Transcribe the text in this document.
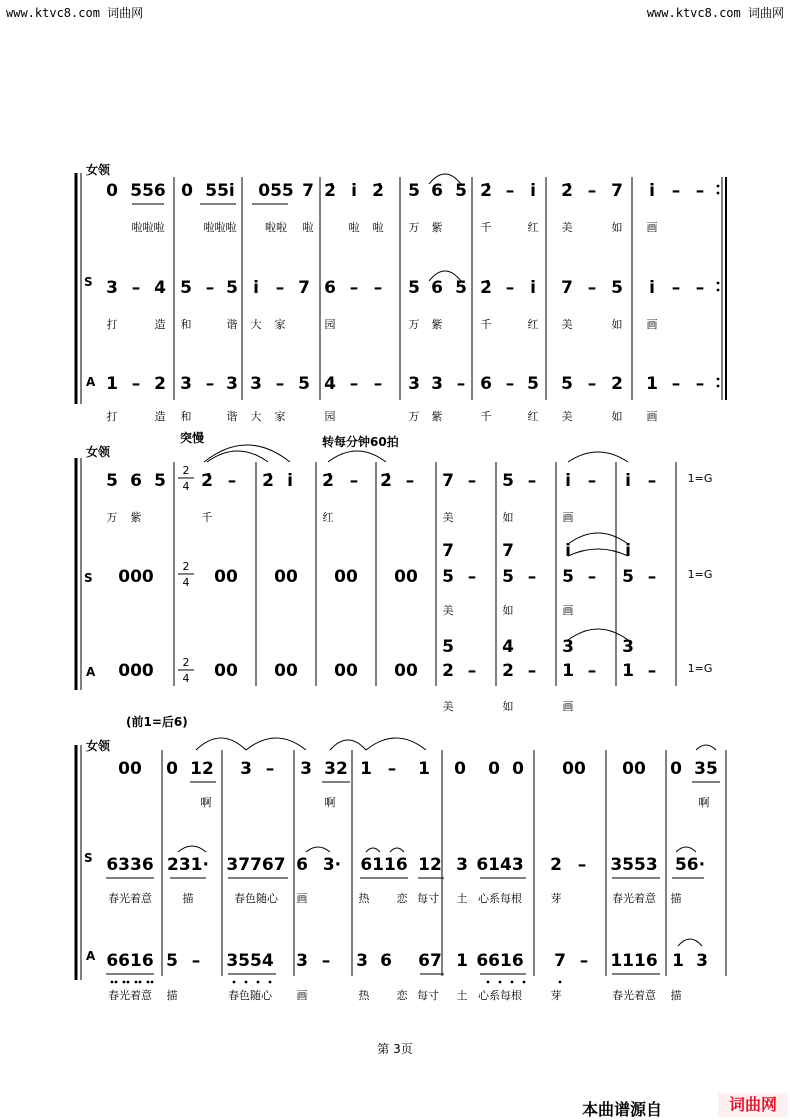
www.ktvc8.com 词曲网	www.ktvc8.com 词曲网
女领
S
A
0 556 0 55i 055 7 2̇ i 2̇ 5 6 5 2̇ – i 2̇ – 7 i – –
啦啦啦	啦啦啦	啦啦 啦	啦 啦 万 紫	千	红 美	如 画
3 – 4 5 – 5 i – 7 6 – – 5 6 5 2̇ – i 7 – 5 i – –
打	造 和	谐 大 家	园	万 紫	千	红 美	如 画
1 – 2 3 – 3 3 – 5 4 – – 3 3 – 6 – 5 5 – 2 1 – –
打	造 和	谐 大 家	园	万 紫	千	红 美	如 画
女领
S
A
突慢	转每分钟60拍
2
4
2
4
2
4
5 6 5 2̇ – 2̇ i 2̇ – 2̇ – 7 – 5 – i – i –
万 紫	千	红	美	如	画
000	00 00 00 00
7
5 –
7
5 –
i
5 –
i
5 –
美	如	画
000	00 00 00 00
5
2 –
4
2 –
3
1 –
3
1 –
美	如	画
1=G
1=G
1=G
(前1=后6)
女领
S
A
00 0 12 3 – 3 32 1 – 1 0 0 0 00 00 0 35
啊	啊	啊
6336 231· 37767 6 3· 6116 12 3 6143 2 – 3553 56·
春光着意	描	春色随心 画	热 恋 每寸 土 心系每根	芽	春光着意 描
6616 5 – 3554 3 – 3 6 67 1 6616 7 – 1116 1 3
春光着意 描	春色随心 画	热 恋 每寸 土 心系每根	芽	春光着意 描
第 3页
本曲谱源自	词曲网
